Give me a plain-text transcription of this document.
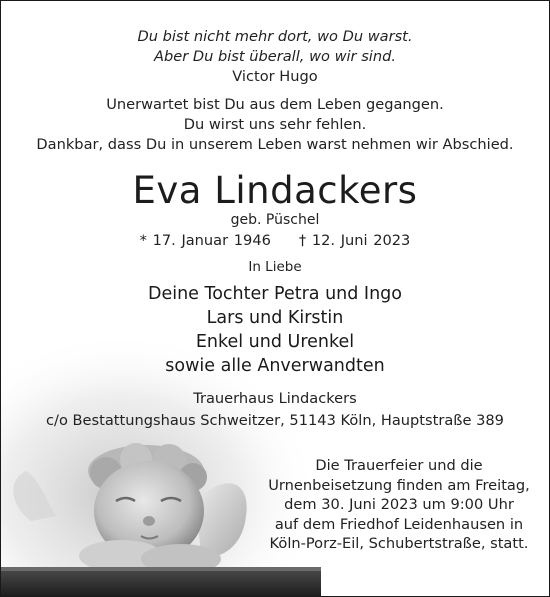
Du bist nicht mehr dort, wo Du warst.
Aber Du bist überall, wo wir sind.
Victor Hugo
Unerwartet bist Du aus dem Leben gegangen.
Du wirst uns sehr fehlen.
Dankbar, dass Du in unserem Leben warst nehmen wir Abschied.
Eva Lindackers
geb. Püschel
* 17. Januar 1946 † 12. Juni 2023
In Liebe
Deine Tochter Petra und Ingo
Lars und Kirstin
Enkel und Urenkel
sowie alle Anverwandten
Trauerhaus Lindackers
c/o Bestattungshaus Schweitzer, 51143 Köln, Hauptstraße 389
Die Trauerfeier und die
Urnenbeisetzung finden am Freitag,
dem 30. Juni 2023 um 9:00 Uhr
auf dem Friedhof Leidenhausen in
Köln-Porz-Eil, Schubertstraße, statt.
